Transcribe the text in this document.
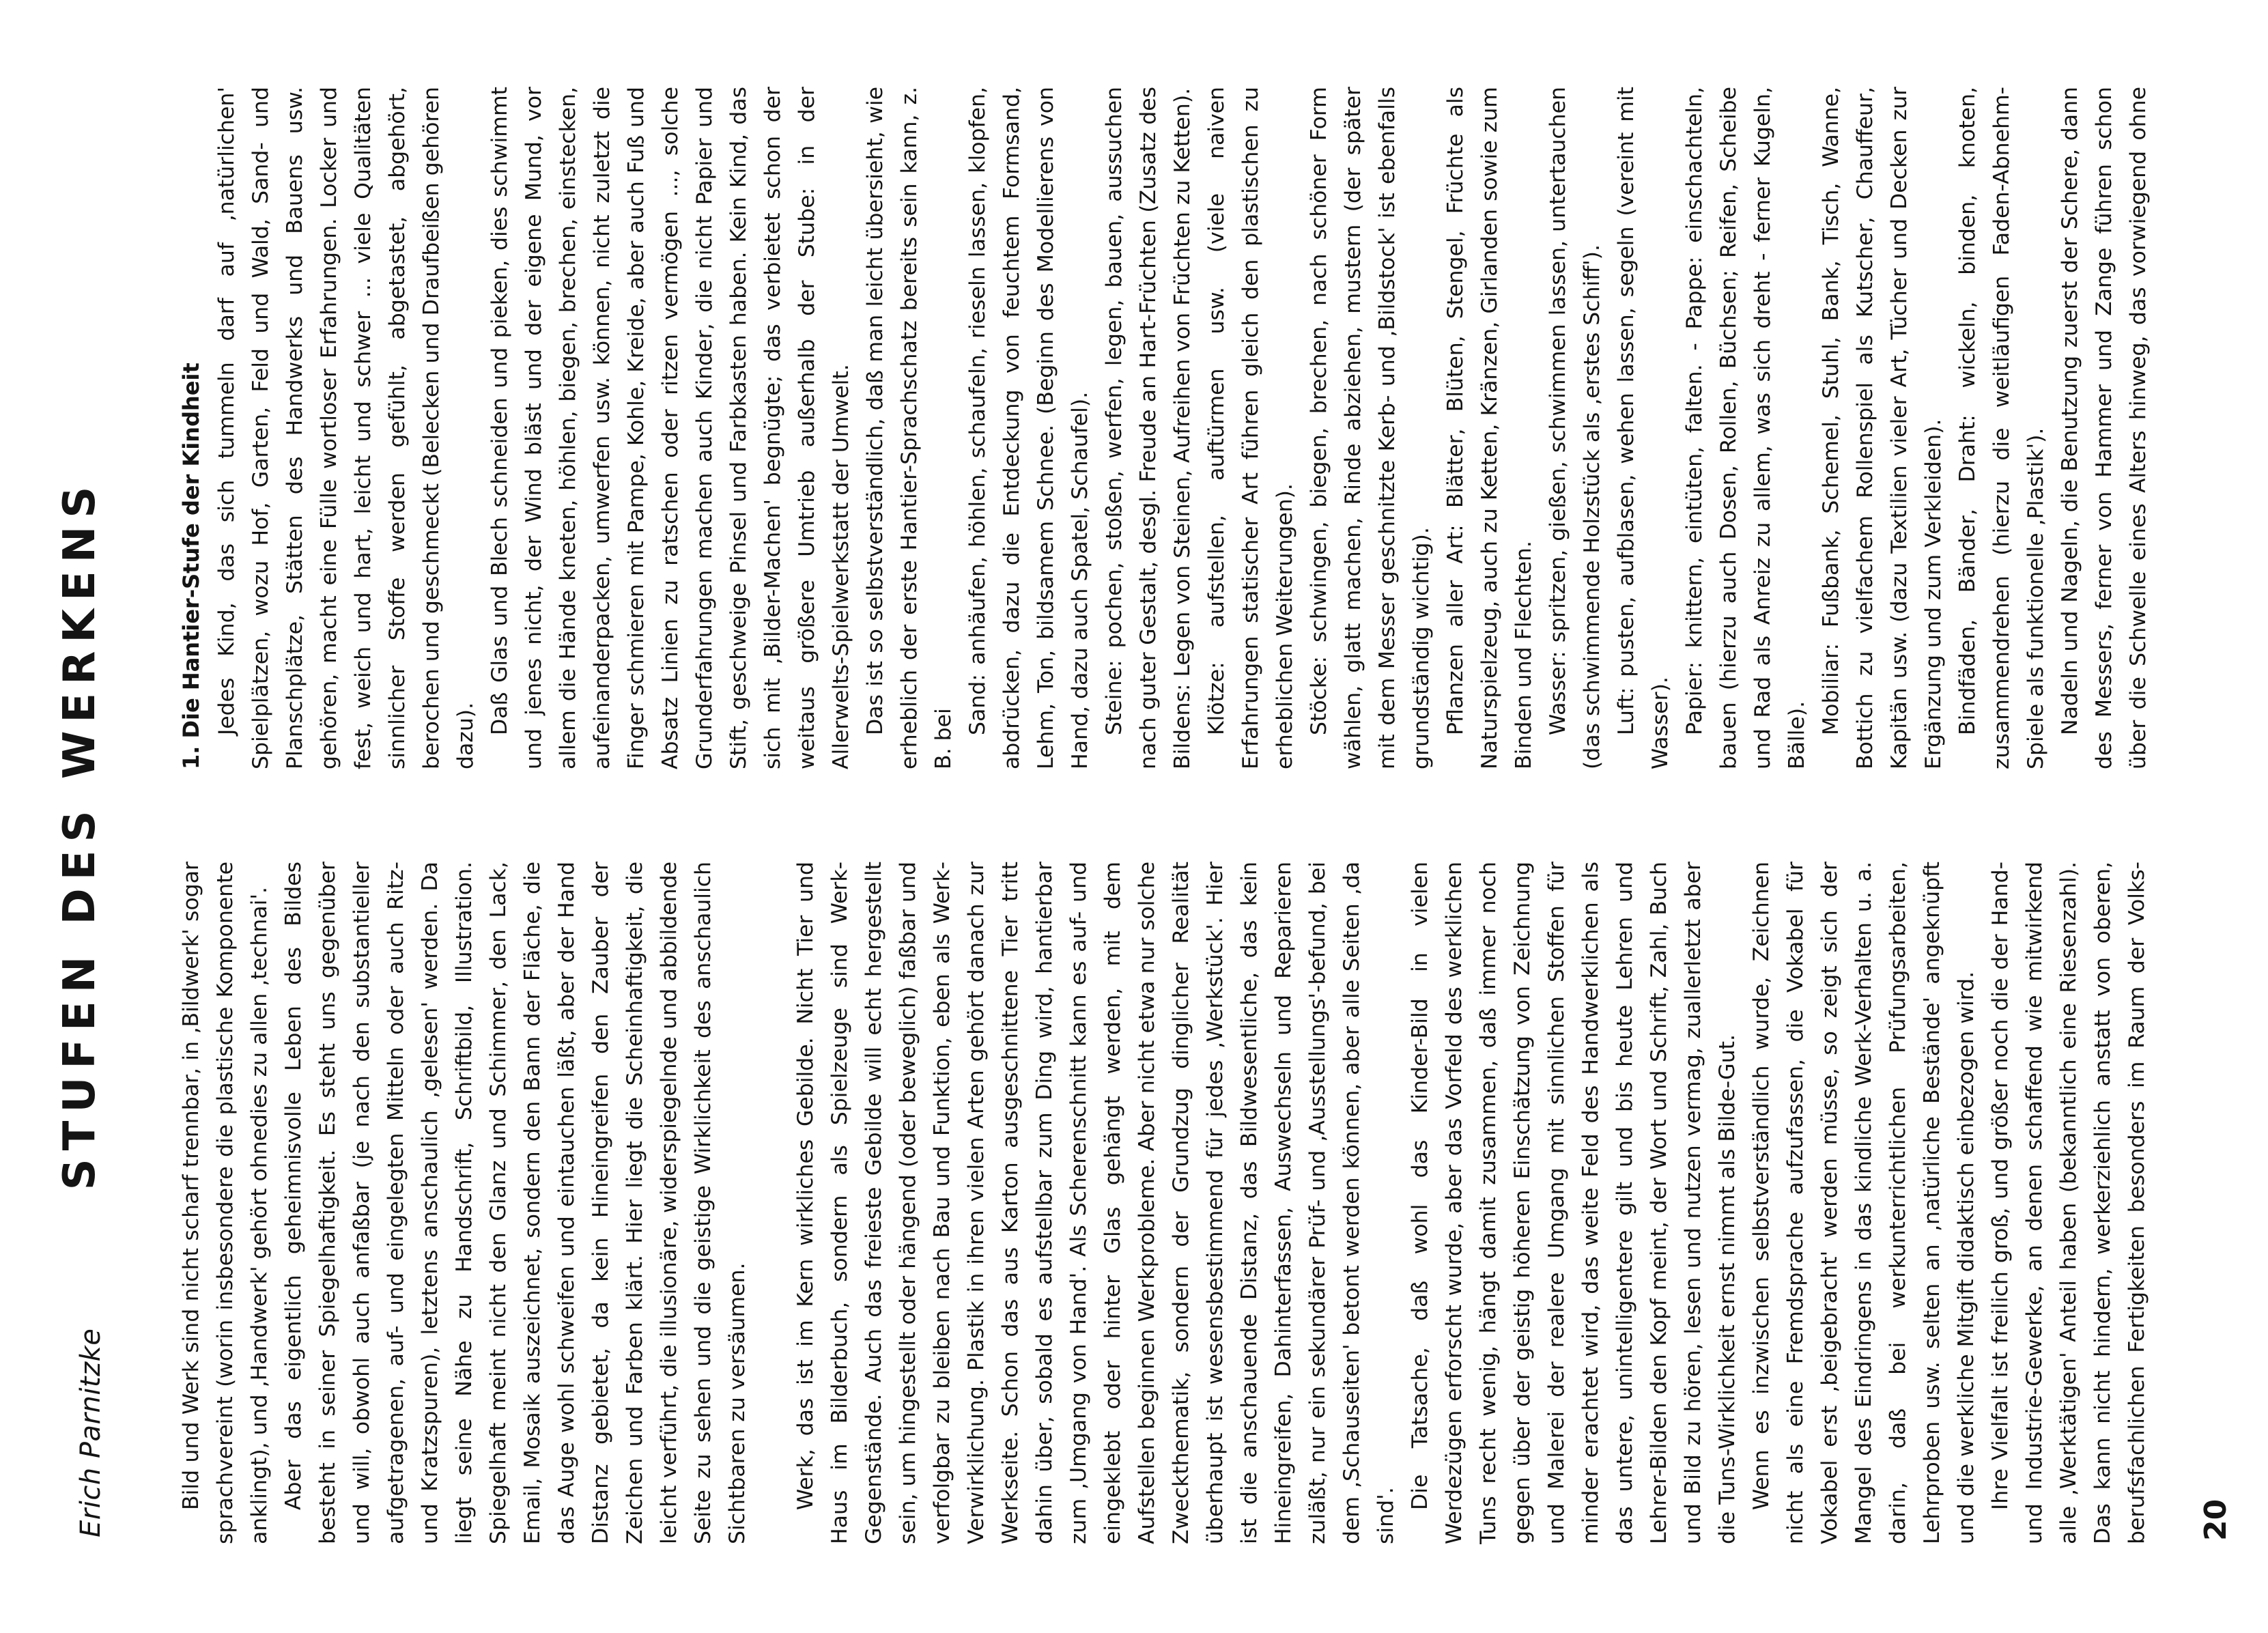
Erich Parnitzke
STUFEN DES WERKENS	Bild und Werk sind nicht scharf trennbar, in ‚Bildwerk' sogar sprachvereint (worin insbesondere die plastische Komponente anklingt), und ‚Handwerk' gehört ohnedies zu allen ‚technai'. Aber das eigentlich geheimnisvolle Leben des Bildes besteht in seiner Spiegelhaftigkeit. Es steht uns gegenüber und will, obwohl auch anfaßbar (je nach den substantieller aufgetragenen, auf- und eingelegten Mitteln oder auch Ritz- und Kratzspuren), letztens anschaulich ‚gelesen' werden. Da liegt seine Nähe zu Handschrift, Schriftbild, Illustration. Spiegelhaft meint nicht den Glanz und Schimmer, den Lack, Email, Mosaik auszeichnet, sondern den Bann der Fläche, die das Auge wohl schweifen und eintauchen läßt, aber der Hand Distanz gebietet, da kein Hineingreifen den Zauber der Zeichen und Farben klärt. Hier liegt die Scheinhaftigkeit, die leicht verführt, die illusionäre, widerspiegelnde und abbildende Seite zu sehen und die geistige Wirklichkeit des anschaulich Sichtbaren zu versäumen. Werk, das ist im Kern wirkliches Gebilde. Nicht Tier und Haus im Bilderbuch, sondern als Spielzeuge sind Werk-Gegenstände. Auch das freieste Gebilde will echt hergestellt sein, um hingestellt oder hängend (oder beweglich) faßbar und verfolgbar zu bleiben nach Bau und Funktion, eben als Werk-Verwirklichung. Plastik in ihren vielen Arten gehört danach zur Werkseite. Schon das aus Karton ausgeschnittene Tier tritt dahin über, sobald es aufstellbar zum Ding wird, hantierbar zum ‚Umgang von Hand'. Als Scherenschnitt kann es auf- und eingeklebt oder hinter Glas gehängt werden, mit dem Aufstellen beginnen Werkprobleme. Aber nicht etwa nur solche Zweckthematik, sondern der Grundzug dinglicher Realität überhaupt ist wesensbestimmend für jedes ‚Werkstück'. Hier ist die anschauende Distanz, das Bildwesentliche, das kein Hineingreifen, Dahinterfassen, Auswechseln und Reparieren zuläßt, nur ein sekundärer Prüf- und ‚Ausstellungs'-befund, bei dem ‚Schauseiten' betont werden können, aber alle Seiten ‚da sind'.

Die Tatsache, daß wohl das Kinder-Bild in vielen Werdezügen erforscht wurde, aber das Vorfeld des werklichen Tuns recht wenig, hängt damit zusammen, daß immer noch gegen über der geistig höheren Einschätzung von Zeichnung und Malerei der realere Umgang mit sinnlichen Stoffen für minder erachtet wird, das weite Feld des Handwerklichen als das untere, unintelligentere gilt und bis heute Lehren und Lehrer-Bilden den Kopf meint, der Wort und Schrift, Zahl, Buch und Bild zu hören, lesen und nutzen vermag, zuallerletzt aber die Tuns-Wirklichkeit ernst nimmt als Bilde-Gut. Wenn es inzwischen selbstverständlich wurde, Zeichnen nicht als eine Fremdsprache aufzufassen, die Vokabel für Vokabel erst ‚beigebracht' werden müsse, so zeigt sich der Mangel des Eindringens in das kindliche Werk-Verhalten u. a. darin, daß bei werkunterrichtlichen Prüfungsarbeiten, Lehrproben usw. selten an ‚natürliche Bestände' angeknüpft und die werkliche Mitgift didaktisch einbezogen wird. Ihre Vielfalt ist freilich groß, und größer noch die der Hand- und Industrie-Gewerke, an denen schaffend wie mitwirkend alle ‚Werktätigen' Anteil haben (bekanntlich eine Riesenzahl). Das kann nicht hindern, werkerziehlich anstatt von oberen, berufsfachlichen Fertigkeiten besonders im Raum der Volks-

1. Die Hantier-Stufe der Kindheit Jedes Kind, das sich tummeln darf auf ‚natürlichen' Spielplätzen, wozu Hof, Garten, Feld und Wald, Sand- und Planschplätze, Stätten des Handwerks und Bauens usw. gehören, macht eine Fülle wortloser Erfahrungen. Locker und fest, weich und hart, leicht und schwer ... viele Qualitäten sinnlicher Stoffe werden gefühlt, abgetastet, abgehört, berochen und geschmeckt (Belecken und Draufbeißen gehören dazu).

Daß Glas und Blech schneiden und pieken, dies schwimmt und jenes nicht, der Wind bläst und der eigene Mund, vor allem die Hände kneten, höhlen, biegen, brechen, einstecken, aufeinanderpacken, umwerfen usw. können, nicht zuletzt die Finger schmieren mit Pampe, Kohle, Kreide, aber auch Fuß und Absatz Linien zu ratschen oder ritzen vermögen ..., solche Grunderfahrungen machen auch Kinder, die nicht Papier und Stift, geschweige Pinsel und Farbkasten haben. Kein Kind, das sich mit ‚Bilder-Machen' begnügte; das verbietet schon der weitaus größere Umtrieb außerhalb der Stube: in der Allerwelts-Spielwerkstatt der Umwelt. Das ist so selbstverständlich, daß man leicht übersieht, wie erheblich der erste Hantier-Sprachschatz bereits sein kann, z. B. bei

Sand: anhäufen, höhlen, schaufeln, rieseln lassen, klopfen, abdrücken, dazu die Entdeckung von feuchtem Formsand, Lehm, Ton, bildsamem Schnee. (Beginn des Modellierens von Hand, dazu auch Spatel, Schaufel). Steine: pochen, stoßen, werfen, legen, bauen, aussuchen nach guter Gestalt, desgl. Freude an Hart-Früchten (Zusatz des Bildens: Legen von Steinen, Aufreihen von Früchten zu Ketten). Klötze: aufstellen, auftürmen usw. (viele naiven Erfahrungen statischer Art führen gleich den plastischen zu erheblichen Weiterungen). Stöcke: schwingen, biegen, brechen, nach schöner Form wählen, glatt machen, Rinde abziehen, mustern (der später mit dem Messer geschnitzte Kerb- und ‚Bildstock' ist ebenfalls grundständig wichtig). Pflanzen aller Art: Blätter, Blüten, Stengel, Früchte als Naturspielzeug, auch zu Ketten, Kränzen, Girlanden sowie zum Binden und Flechten. Wasser: spritzen, gießen, schwimmen lassen, untertauchen (das schwimmende Holzstück als ‚erstes Schiff'). Luft: pusten, aufblasen, wehen lassen, segeln (vereint mit Wasser). Papier: knittern, eintüten, falten. - Pappe: einschachteln, bauen (hierzu auch Dosen, Rollen, Büchsen; Reifen, Scheibe und Rad als Anreiz zu allem, was sich dreht - ferner Kugeln, Bälle). Mobiliar: Fußbank, Schemel, Stuhl, Bank, Tisch, Wanne, Bottich zu vielfachem Rollenspiel als Kutscher, Chauffeur, Kapitän usw. (dazu Textilien vieler Art, Tücher und Decken zur Ergänzung und zum Verkleiden). Bindfäden, Bänder, Draht: wickeln, binden, knoten, zusammendrehen (hierzu die weitläufigen Faden-Abnehm-Spiele als funktionelle ‚Plastik'). Nadeln und Nageln, die Benutzung zuerst der Schere, dann des Messers, ferner von Hammer und Zange führen schon über die Schwelle eines Alters hinweg, das vorwiegend ohne

20
